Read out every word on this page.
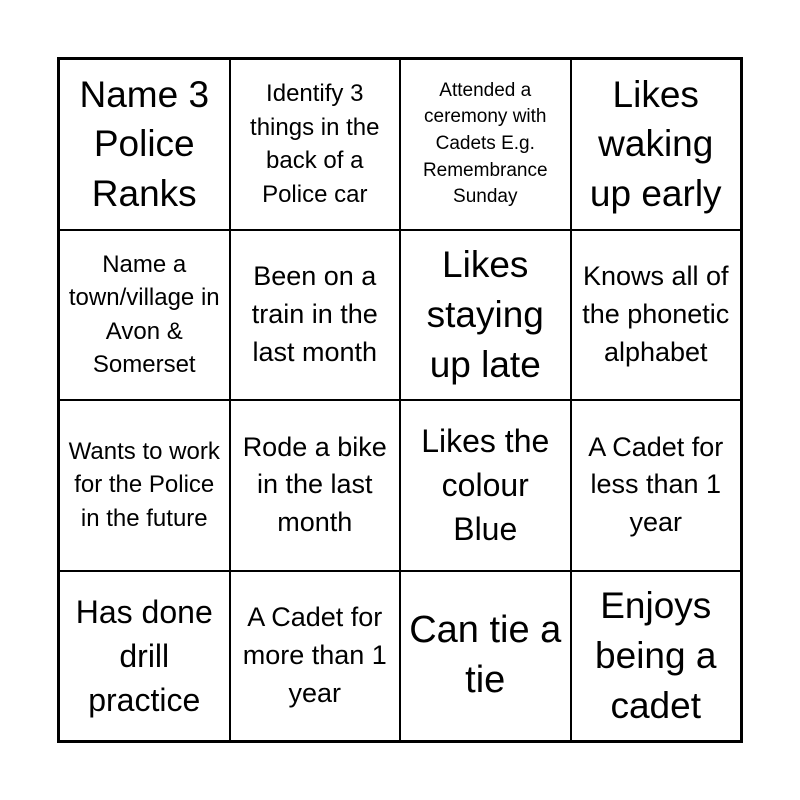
Name 3 Police Ranks
Identify 3 things in the back of a Police car
Attended a ceremony with Cadets E.g. Remembrance Sunday
Likes waking up early
Name a town/village in Avon & Somerset
Been on a train in the last month
Likes staying up late
Knows all of the phonetic alphabet
Wants to work for the Police in the future
Rode a bike in the last month
Likes the colour Blue
A Cadet for less than 1 year
Has done drill practice
A Cadet for more than 1 year
Can tie a tie
Enjoys being a cadet
